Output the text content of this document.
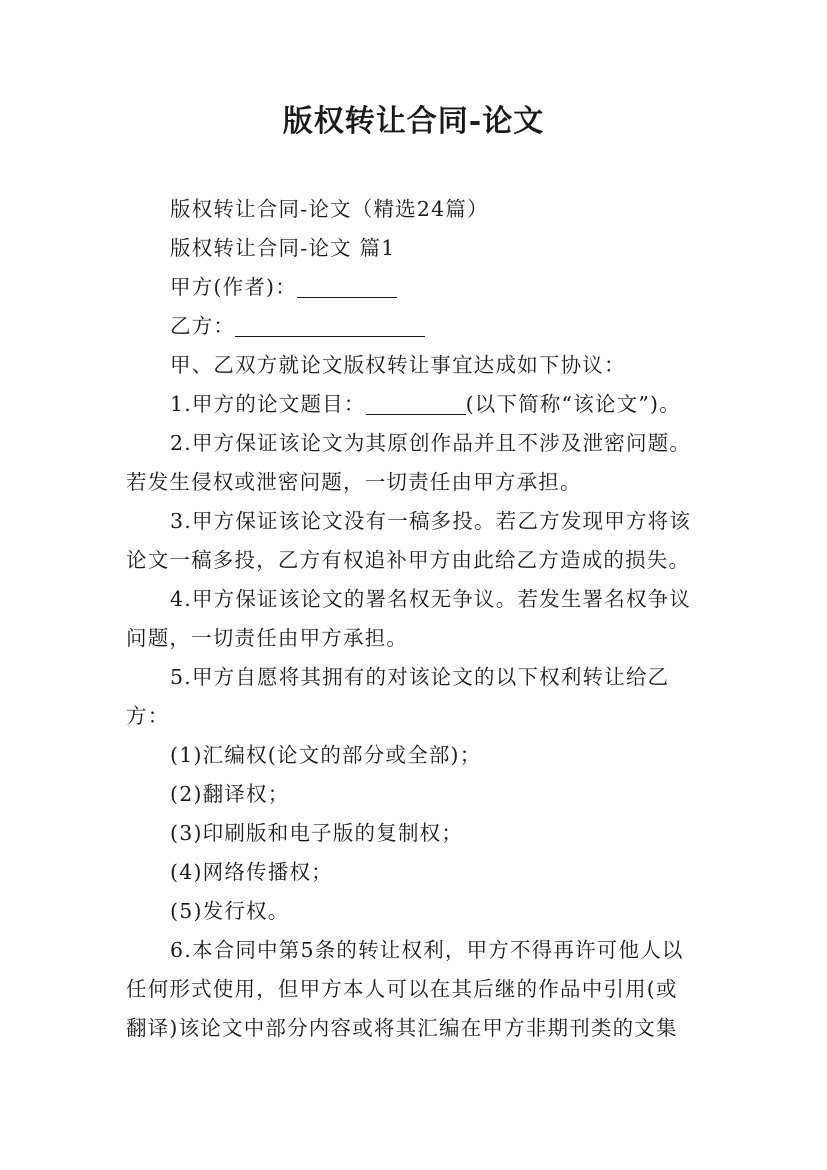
版权转让合同-论文

版权转让合同-论文（精选24篇）

版权转让合同-论文 篇1

甲方(作者)：

乙方：

甲、乙双方就论文版权转让事宜达成如下协议：

1.甲方的论文题目：	(以下简称“该论文”)。

2.甲方保证该论文为其原创作品并且不涉及泄密问题。

若发生侵权或泄密问题，一切责任由甲方承担。

3.甲方保证该论文没有一稿多投。若乙方发现甲方将该

论文一稿多投，乙方有权追补甲方由此给乙方造成的损失。

4.甲方保证该论文的署名权无争议。若发生署名权争议

问题，一切责任由甲方承担。

5.甲方自愿将其拥有的对该论文的以下权利转让给乙

方：

(1)汇编权(论文的部分或全部)；

(2)翻译权；

(3)印刷版和电子版的复制权；

(4)网络传播权；

(5)发行权。

6.本合同中第5条的转让权利，甲方不得再许可他人以

任何形式使用，但甲方本人可以在其后继的作品中引用(或

翻译)该论文中部分内容或将其汇编在甲方非期刊类的文集
